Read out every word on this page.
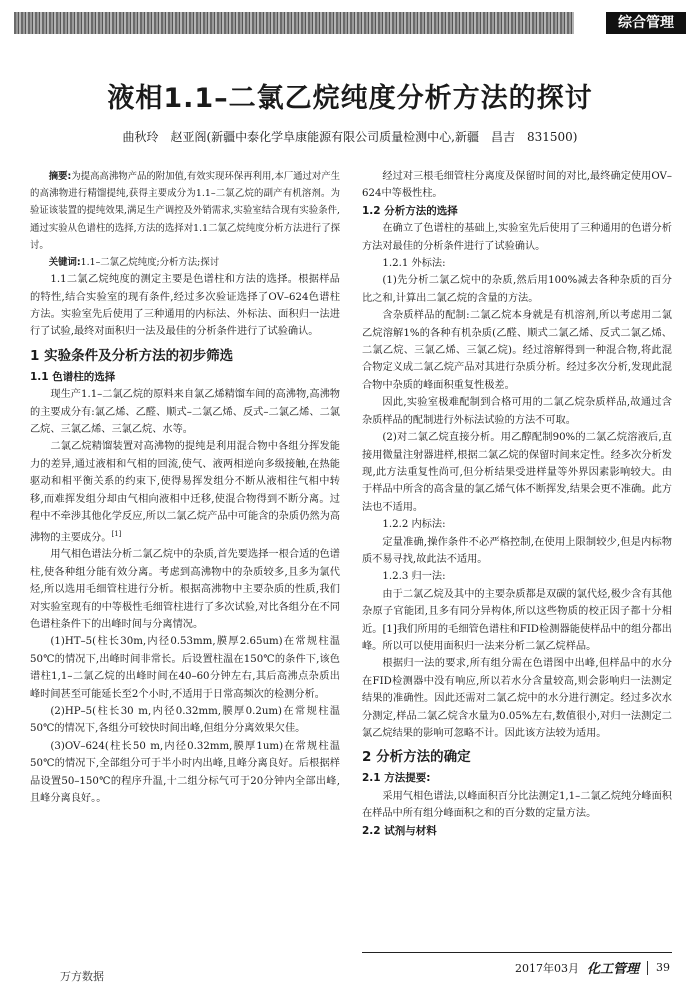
综合管理
液相1.1–二氯乙烷纯度分析方法的探讨
曲秋玲　赵亚阁(新疆中泰化学阜康能源有限公司质量检测中心,新疆　昌吉　831500)

摘要:为提高高沸物产品的附加值,有效实现环保再利用,本厂通过对产生的高沸物进行精馏提纯,获得主要成分为1.1–二氯乙烷的副产有机溶剂。为验证该装置的提纯效果,满足生产调控及外销需求,实验室结合现有实验条件,通过实验从色谱柱的选择,方法的选择对1.1二氯乙烷纯度分析方法进行了探讨。

关键词:1.1–二氯乙烷纯度;分析方法;探讨

1.1二氯乙烷纯度的测定主要是色谱柱和方法的选择。根据样品的特性,结合实验室的现有条件,经过多次验证选择了OV–624色谱柱方法。实验室先后使用了三种通用的内标法、外标法、面积归一法进行了试验,最终对面积归一法及最佳的分析条件进行了试验确认。

1 实验条件及分析方法的初步筛选
1.1 色谱柱的选择

现生产1.1–二氯乙烷的原料来自氯乙烯精馏车间的高沸物,高沸物的主要成分有:氯乙烯、乙醛、顺式–二氯乙烯、反式–二氯乙烯、二氯乙烷、三氯乙烯、三氯乙烷、水等。

二氯乙烷精馏装置对高沸物的提纯是利用混合物中各组分挥发能力的差异,通过液相和气相的回流,使气、液两相逆向多级接触,在热能驱动和相平衡关系的约束下,使得易挥发组分不断从液相往气相中转移,而难挥发组分却由气相向液相中迁移,使混合物得到不断分离。过程中不牵涉其他化学反应,所以二氯乙烷产品中可能含的杂质仍然为高沸物的主要成分。[1]

用气相色谱法分析二氯乙烷中的杂质,首先要选择一根合适的色谱柱,使各种组分能有效分离。考虑到高沸物中的杂质较多,且多为氯代烃,所以选用毛细管柱进行分析。根据高沸物中主要杂质的性质,我们对实验室现有的中等极性毛细管柱进行了多次试验,对比各组分在不同色谱柱条件下的出峰时间与分离情况。

(1)HT–5(柱长30m,内径0.53mm,膜厚2.65um)在常规柱温50℃的情况下,出峰时间非常长。后设置柱温在150℃的条件下,该色谱柱1,1–二氯乙烷的出峰时间在40–60分钟左右,其后高沸点杂质出峰时间甚至可能延长至2个小时,不适用于日常高频次的检测分析。

(2)HP–5(柱长30 m,内径0.32mm,膜厚0.2um)在常规柱温50℃的情况下,各组分可较快时间出峰,但组分分离效果欠佳。

(3)OV–624(柱长50 m,内径0.32mm,膜厚1um)在常规柱温50℃的情况下,全部组分可于半小时内出峰,且峰分离良好。后根据样品设置50–150℃的程序升温,十二组分标气可于20分钟内全部出峰,且峰分离良好。。

经过对三根毛细管柱分离度及保留时间的对比,最终确定使用OV–624中等极性柱。

1.2 分析方法的选择

在确立了色谱柱的基础上,实验室先后使用了三种通用的色谱分析方法对最佳的分析条件进行了试验确认。

1.2.1 外标法:

(1)先分析二氯乙烷中的杂质,然后用100%减去各种杂质的百分比之和,计算出二氯乙烷的含量的方法。

含杂质样品的配制:二氯乙烷本身就是有机溶剂,所以考虑用二氯乙烷溶解1%的各种有机杂质(乙醛、顺式二氯乙烯、反式二氯乙烯、二氯乙烷、三氯乙烯、三氯乙烷)。经过溶解得到一种混合物,将此混合物定义成二氯乙烷产品对其进行杂质分析。经过多次分析,发现此混合物中杂质的峰面积重复性极差。

因此,实验室极难配制到合格可用的二氯乙烷杂质样品,故通过含杂质样品的配制进行外标法试验的方法不可取。

(2)对二氯乙烷直接分析。用乙醇配制90%的二氯乙烷溶液后,直接用微量注射器进样,根据二氯乙烷的保留时间来定性。经多次分析发现,此方法重复性尚可,但分析结果受进样量等外界因素影响较大。由于样品中所含的高含量的氯乙烯气体不断挥发,结果会更不准确。此方法也不适用。

1.2.2 内标法:

定量准确,操作条件不必严格控制,在使用上限制较少,但是内标物质不易寻找,故此法不适用。

1.2.3 归一法:

由于二氯乙烷及其中的主要杂质都是双碳的氯代烃,极少含有其他杂原子官能团,且多有同分异构体,所以这些物质的校正因子都十分相近。[1]我们所用的毛细管色谱柱和FID检测器能使样品中的组分都出峰。所以可以使用面积归一法来分析二氯乙烷样品。

根据归一法的要求,所有组分需在色谱图中出峰,但样品中的水分在FID检测器中没有响应,所以若水分含量较高,则会影响归一法测定结果的准确性。因此还需对二氯乙烷中的水分进行测定。经过多次水分测定,样品二氯乙烷含水量为0.05%左右,数值很小,对归一法测定二氯乙烷结果的影响可忽略不计。因此该方法较为适用。

2 分析方法的确定
2.1 方法提要:

采用气相色谱法,以峰面积百分比法测定1,1–二氯乙烷纯分峰面积在样品中所有组分峰面积之和的百分数的定量方法。

2.2 试剂与材料
2017年03月 化工管理 39
万方数据
